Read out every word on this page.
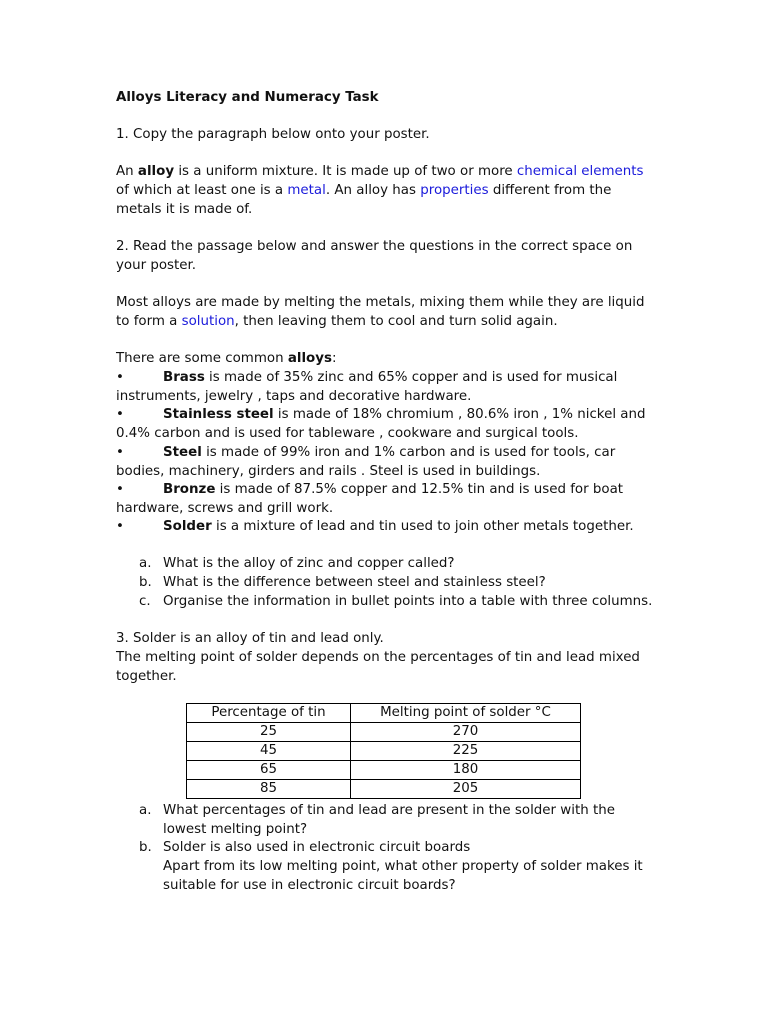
Alloys Literacy and Numeracy Task

1. Copy the paragraph below onto your poster.

An alloy is a uniform mixture. It is made up of two or more chemical elements of which at least one is a metal. An alloy has properties different from the metals it is made of.

2. Read the passage below and answer the questions in the correct space on your poster.

Most alloys are made by melting the metals, mixing them while they are liquid to form a solution, then leaving them to cool and turn solid again.

There are some common alloys:

•	Brass is made of 35% zinc and 65% copper and is used for musical instruments, jewelry , taps and decorative hardware.
•	Stainless steel is made of 18% chromium , 80.6% iron , 1% nickel and 0.4% carbon and is used for tableware , cookware and surgical tools.
•	Steel is made of 99% iron and 1% carbon and is used for tools, car bodies, machinery, girders and rails . Steel is used in buildings.
•	Bronze is made of 87.5% copper and 12.5% tin and is used for boat hardware, screws and grill work.
•	Solder is a mixture of lead and tin used to join other metals together.
a. What is the alloy of zinc and copper called?
b. What is the difference between steel and stainless steel?
c. Organise the information in bullet points into a table with three columns.

3. Solder is an alloy of tin and lead only.

The melting point of solder depends on the percentages of tin and lead mixed together.

Percentage of tin	Melting point of solder °C
25	270
45	225
65	180
85	205
a. What percentages of tin and lead are present in the solder with the lowest melting point?
b. Solder is also used in electronic circuit boards
Apart from its low melting point, what other property of solder makes it suitable for use in electronic circuit boards?
